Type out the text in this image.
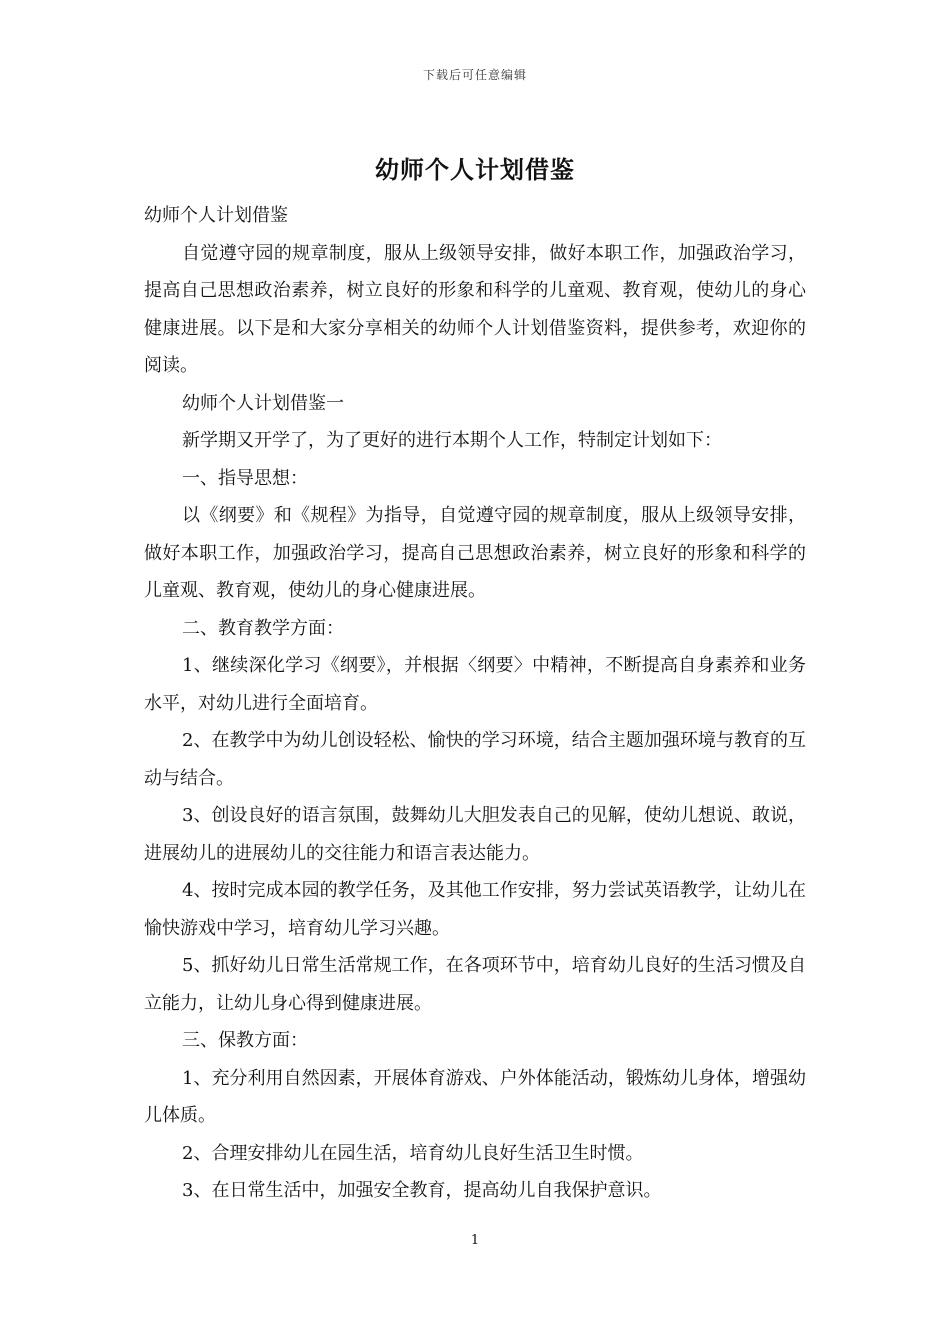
下载后可任意编辑
幼师个人计划借鉴

幼师个人计划借鉴

自觉遵守园的规章制度，服从上级领导安排，做好本职工作，加强政治学习，提高自己思想政治素养，树立良好的形象和科学的儿童观、教育观，使幼儿的身心健康进展。以下是和大家分享相关的幼师个人计划借鉴资料，提供参考，欢迎你的阅读。

幼师个人计划借鉴一

新学期又开学了，为了更好的进行本期个人工作，特制定计划如下：

一、指导思想：

以《纲要》和《规程》为指导，自觉遵守园的规章制度，服从上级领导安排，做好本职工作，加强政治学习，提高自己思想政治素养，树立良好的形象和科学的儿童观、教育观，使幼儿的身心健康进展。

二、教育教学方面：

1、继续深化学习《纲要》，并根据〈纲要〉中精神，不断提高自身素养和业务水平，对幼儿进行全面培育。

2、在教学中为幼儿创设轻松、愉快的学习环境，结合主题加强环境与教育的互动与结合。

3、创设良好的语言氛围，鼓舞幼儿大胆发表自己的见解，使幼儿想说、敢说，进展幼儿的进展幼儿的交往能力和语言表达能力。

4、按时完成本园的教学任务，及其他工作安排，努力尝试英语教学，让幼儿在愉快游戏中学习，培育幼儿学习兴趣。

5、抓好幼儿日常生活常规工作，在各项环节中，培育幼儿良好的生活习惯及自立能力，让幼儿身心得到健康进展。

三、保教方面：

1、充分利用自然因素，开展体育游戏、户外体能活动，锻炼幼儿身体，增强幼儿体质。

2、合理安排幼儿在园生活，培育幼儿良好生活卫生时惯。

3、在日常生活中，加强安全教育，提高幼儿自我保护意识。

1
